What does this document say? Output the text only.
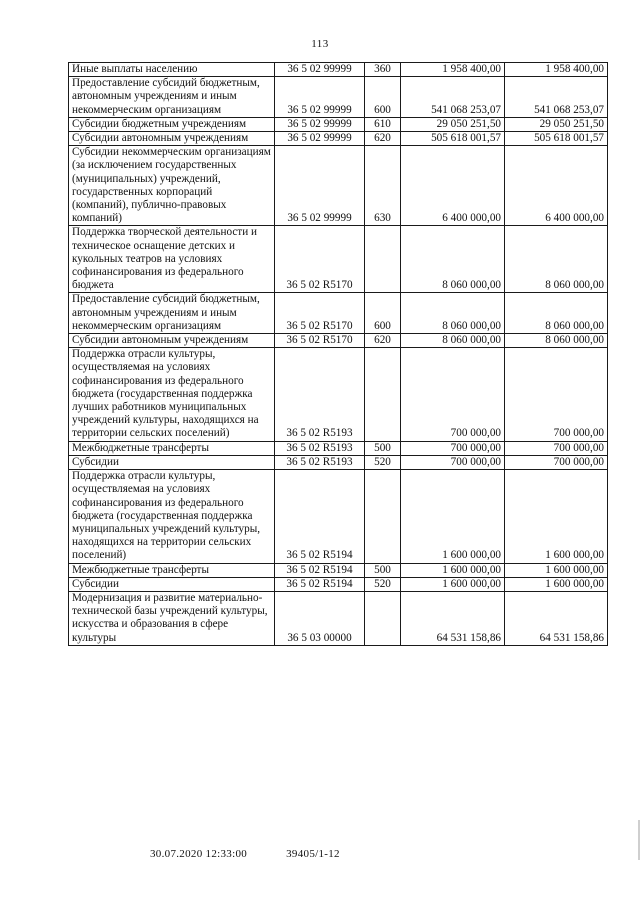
113
Иные выплаты населению	36 5 02 99999	360	1 958 400,00	1 958 400,00
Предоставление субсидий бюджетным, автономным учреждениям и иным некоммерческим организациям	36 5 02 99999	600	541 068 253,07	541 068 253,07
Субсидии бюджетным учреждениям	36 5 02 99999	610	29 050 251,50	29 050 251,50
Субсидии автономным учреждениям	36 5 02 99999	620	505 618 001,57	505 618 001,57
Субсидии некоммерческим организациям (за исключением государственных (муниципальных) учреждений, государственных корпораций (компаний), публично-правовых компаний)	36 5 02 99999	630	6 400 000,00	6 400 000,00
Поддержка творческой деятельности и техническое оснащение детских и кукольных театров на условиях софинансирования из федерального бюджета	36 5 02 R5170		8 060 000,00	8 060 000,00
Предоставление субсидий бюджетным, автономным учреждениям и иным некоммерческим организациям	36 5 02 R5170	600	8 060 000,00	8 060 000,00
Субсидии автономным учреждениям	36 5 02 R5170	620	8 060 000,00	8 060 000,00
Поддержка отрасли культуры, осуществляемая на условиях софинансирования из федерального бюджета (государственная поддержка лучших работников муниципальных учреждений культуры, находящихся на территории сельских поселений)	36 5 02 R5193		700 000,00	700 000,00
Межбюджетные трансферты	36 5 02 R5193	500	700 000,00	700 000,00
Субсидии	36 5 02 R5193	520	700 000,00	700 000,00
Поддержка отрасли культуры, осуществляемая на условиях софинансирования из федерального бюджета (государственная поддержка муниципальных учреждений культуры, находящихся на территории сельских поселений)	36 5 02 R5194		1 600 000,00	1 600 000,00
Межбюджетные трансферты	36 5 02 R5194	500	1 600 000,00	1 600 000,00
Субсидии	36 5 02 R5194	520	1 600 000,00	1 600 000,00
Модернизация и развитие материально-технической базы учреждений культуры, искусства и образования в сфере культуры	36 5 03 00000		64 531 158,86	64 531 158,86
30.07.2020 12:33:00	39405/1-12
